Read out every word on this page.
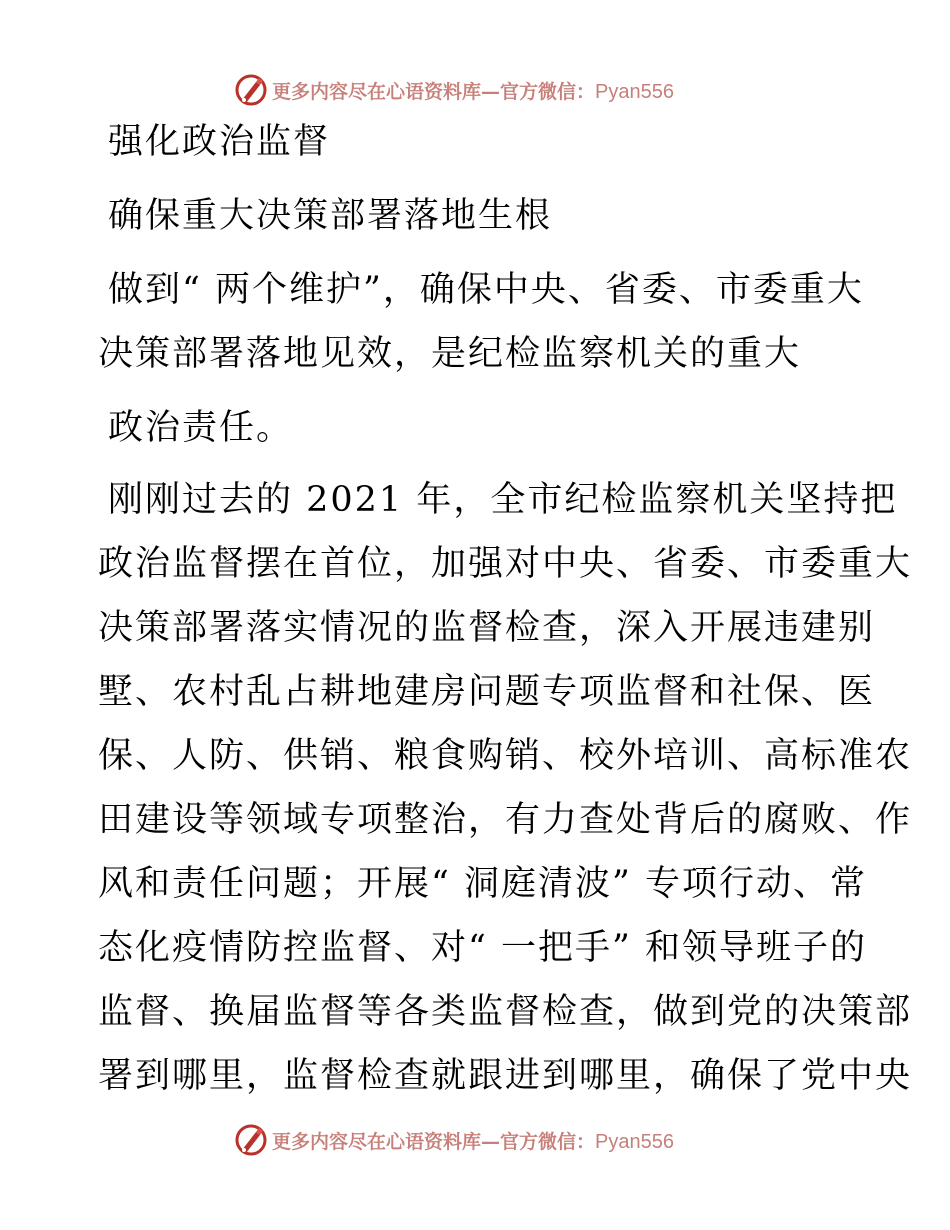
更多内容尽在心语资料库—官方微信：Pyan556
强化政治监督
确保重大决策部署落地生根
做到“ 两个维护”，确保中央、省委、市委重大
决策部署落地见效，是纪检监察机关的重大
政治责任。
刚刚过去的 2021 年，全市纪检监察机关坚持把
政治监督摆在首位，加强对中央、省委、市委重大
决策部署落实情况的监督检查，深入开展违建别
墅、农村乱占耕地建房问题专项监督和社保、医
保、人防、供销、粮食购销、校外培训、高标准农
田建设等领域专项整治，有力查处背后的腐败、作
风和责任问题；开展“ 洞庭清波” 专项行动、常
态化疫情防控监督、对“ 一把手” 和领导班子的
监督、换届监督等各类监督检查，做到党的决策部
署到哪里，监督检查就跟进到哪里，确保了党中央
更多内容尽在心语资料库—官方微信：Pyan556
